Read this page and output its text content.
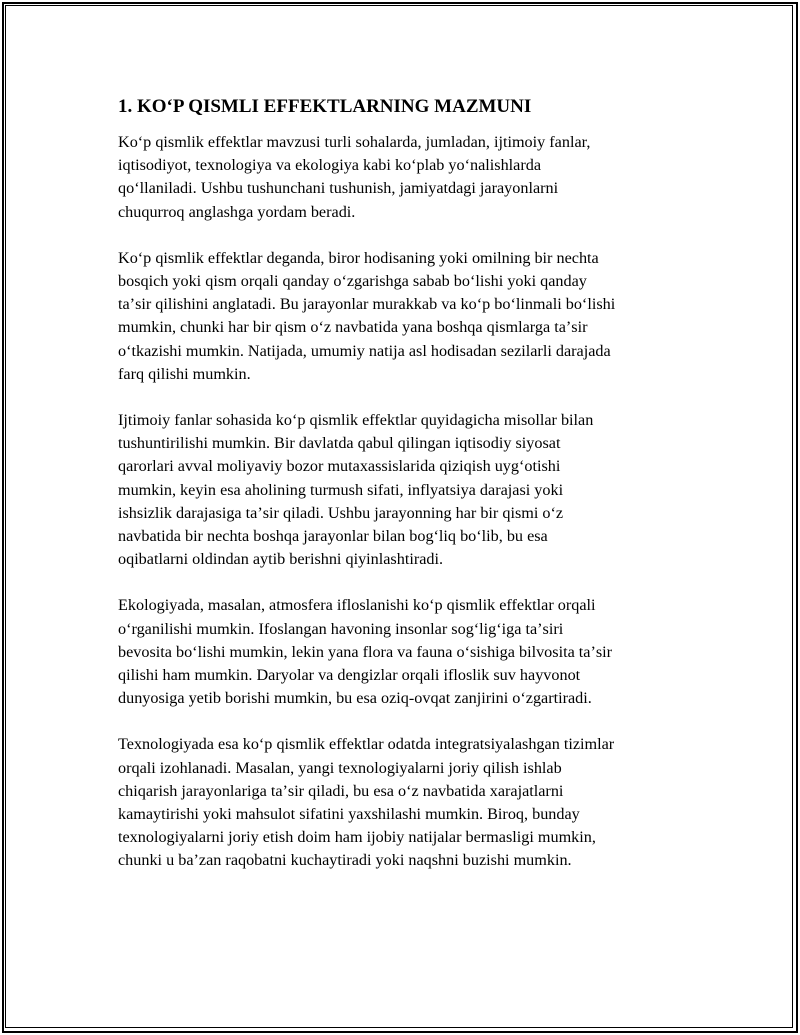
1. KOʻP QISMLI EFFEKTLARNING MAZMUNI
Koʻp qismlik effektlar mavzusi turli sohalarda, jumladan, ijtimoiy fanlar,
iqtisodiyot, texnologiya va ekologiya kabi koʻplab yoʻnalishlarda
qoʻllaniladi. Ushbu tushunchani tushunish, jamiyatdagi jarayonlarni
chuqurroq anglashga yordam beradi.
Koʻp qismlik effektlar deganda, biror hodisaning yoki omilning bir nechta
bosqich yoki qism orqali qanday oʻzgarishga sabab boʻlishi yoki qanday
taʼsir qilishini anglatadi. Bu jarayonlar murakkab va koʻp boʻlinmali boʻlishi
mumkin, chunki har bir qism oʻz navbatida yana boshqa qismlarga taʼsir
oʻtkazishi mumkin. Natijada, umumiy natija asl hodisadan sezilarli darajada
farq qilishi mumkin.
Ijtimoiy fanlar sohasida koʻp qismlik effektlar quyidagicha misollar bilan
tushuntirilishi mumkin. Bir davlatda qabul qilingan iqtisodiy siyosat
qarorlari avval moliyaviy bozor mutaxassislarida qiziqish uygʻotishi
mumkin, keyin esa aholining turmush sifati, inflyatsiya darajasi yoki
ishsizlik darajasiga taʼsir qiladi. Ushbu jarayonning har bir qismi oʻz
navbatida bir nechta boshqa jarayonlar bilan bogʻliq boʻlib, bu esa
oqibatlarni oldindan aytib berishni qiyinlashtiradi.
Ekologiyada, masalan, atmosfera ifloslanishi koʻp qismlik effektlar orqali
oʻrganilishi mumkin. Ifoslangan havoning insonlar sogʻligʻiga taʼsiri
bevosita boʻlishi mumkin, lekin yana flora va fauna oʻsishiga bilvosita taʼsir
qilishi ham mumkin. Daryolar va dengizlar orqali ifloslik suv hayvonot
dunyosiga yetib borishi mumkin, bu esa oziq-ovqat zanjirini oʻzgartiradi.
Texnologiyada esa koʻp qismlik effektlar odatda integratsiyalashgan tizimlar
orqali izohlanadi. Masalan, yangi texnologiyalarni joriy qilish ishlab
chiqarish jarayonlariga taʼsir qiladi, bu esa oʻz navbatida xarajatlarni
kamaytirishi yoki mahsulot sifatini yaxshilashi mumkin. Biroq, bunday
texnologiyalarni joriy etish doim ham ijobiy natijalar bermasligi mumkin,
chunki u baʼzan raqobatni kuchaytiradi yoki naqshni buzishi mumkin.
